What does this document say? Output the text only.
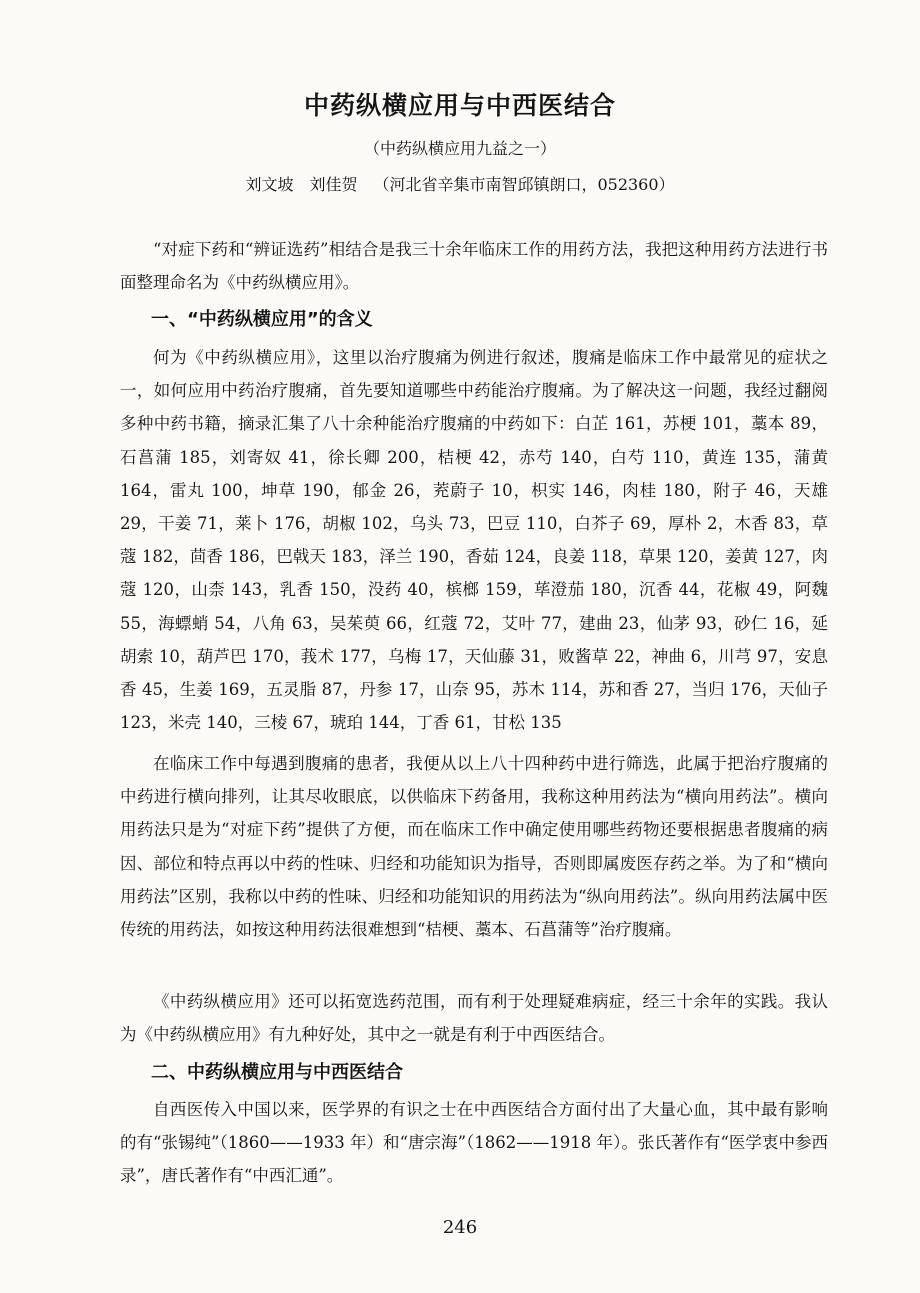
中药纵横应用与中西医结合
（中药纵横应用九益之一）
刘文坡　刘佳贺 （河北省辛集市南智邱镇朗口，052360）

“对症下药和“辨证选药”相结合是我三十余年临床工作的用药方法，我把这种用药方法进行书面整理命名为《中药纵横应用》。

一、“中药纵横应用”的含义

何为《中药纵横应用》，这里以治疗腹痛为例进行叙述，腹痛是临床工作中最常见的症状之一，如何应用中药治疗腹痛，首先要知道哪些中药能治疗腹痛。为了解决这一问题，我经过翻阅多种中药书籍，摘录汇集了八十余种能治疗腹痛的中药如下：白芷 161，苏梗 101，藁本 89，石菖蒲 185，刘寄奴 41，徐长卿 200，桔梗 42，赤芍 140，白芍 110，黄连 135，蒲黄 164，雷丸 100，坤草 190，郁金 26，茺蔚子 10，枳实 146，肉桂 180，附子 46，天雄 29，干姜 71，莱卜 176，胡椒 102，乌头 73，巴豆 110，白芥子 69，厚朴 2，木香 83，草蔻 182，茴香 186，巴戟天 183，泽兰 190，香茹 124，良姜 118，草果 120，姜黄 127，肉蔻 120，山柰 143，乳香 150，没药 40，槟榔 159，荜澄茄 180，沉香 44，花椒 49，阿魏 55，海螵蛸 54，八角 63，吴茱萸 66，红蔻 72，艾叶 77，建曲 23，仙茅 93，砂仁 16，延胡索 10，葫芦巴 170，莪术 177，乌梅 17，天仙藤 31，败酱草 22，神曲 6，川芎 97，安息香 45，生姜 169，五灵脂 87，丹参 17，山奈 95，苏木 114，苏和香 27，当归 176，天仙子 123，米壳 140，三棱 67，琥珀 144，丁香 61，甘松 135

在临床工作中每遇到腹痛的患者，我便从以上八十四种药中进行筛选，此属于把治疗腹痛的中药进行横向排列，让其尽收眼底，以供临床下药备用，我称这种用药法为“横向用药法”。横向用药法只是为“对症下药”提供了方便，而在临床工作中确定使用哪些药物还要根据患者腹痛的病因、部位和特点再以中药的性味、归经和功能知识为指导，否则即属废医存药之举。为了和“横向用药法”区别，我称以中药的性味、归经和功能知识的用药法为“纵向用药法”。纵向用药法属中医传统的用药法，如按这种用药法很难想到“桔梗、藁本、石菖蒲等”治疗腹痛。

《中药纵横应用》还可以拓宽选药范围，而有利于处理疑难病症，经三十余年的实践。我认为《中药纵横应用》有九种好处，其中之一就是有利于中西医结合。

二、中药纵横应用与中西医结合

自西医传入中国以来，医学界的有识之士在中西医结合方面付出了大量心血，其中最有影响的有“张锡纯”（1860——1933 年）和“唐宗海”（1862——1918 年）。张氏著作有“医学衷中参西录”，唐氏著作有“中西汇通”。

246
